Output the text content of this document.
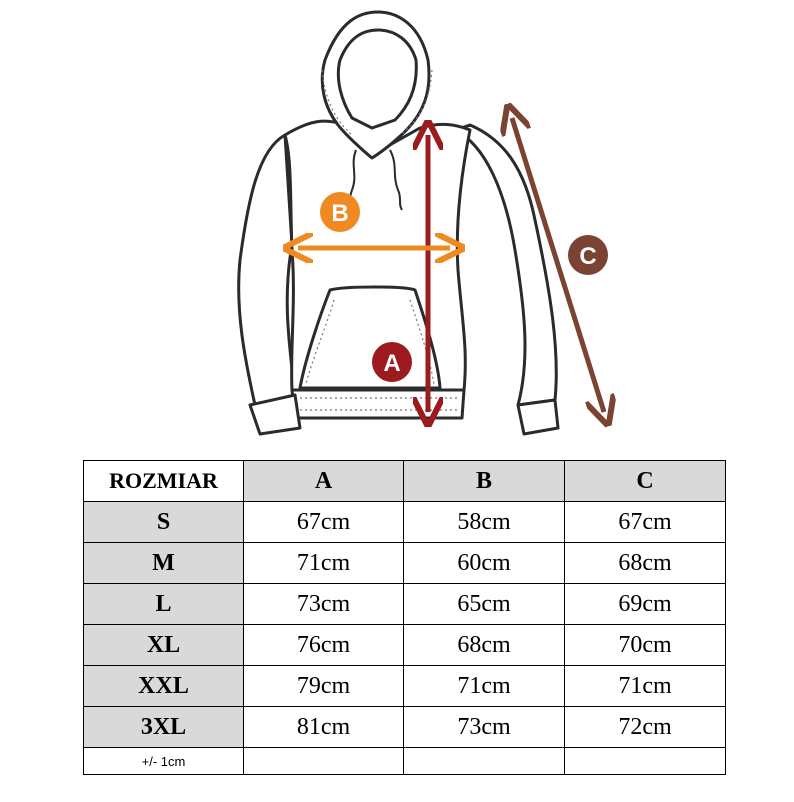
B
A
C
ROZMIAR	A	B	C
S	67cm	58cm	67cm
M	71cm	60cm	68cm
L	73cm	65cm	69cm
XL	76cm	68cm	70cm
XXL	79cm	71cm	71cm
3XL	81cm	73cm	72cm
+/- 1cm			
